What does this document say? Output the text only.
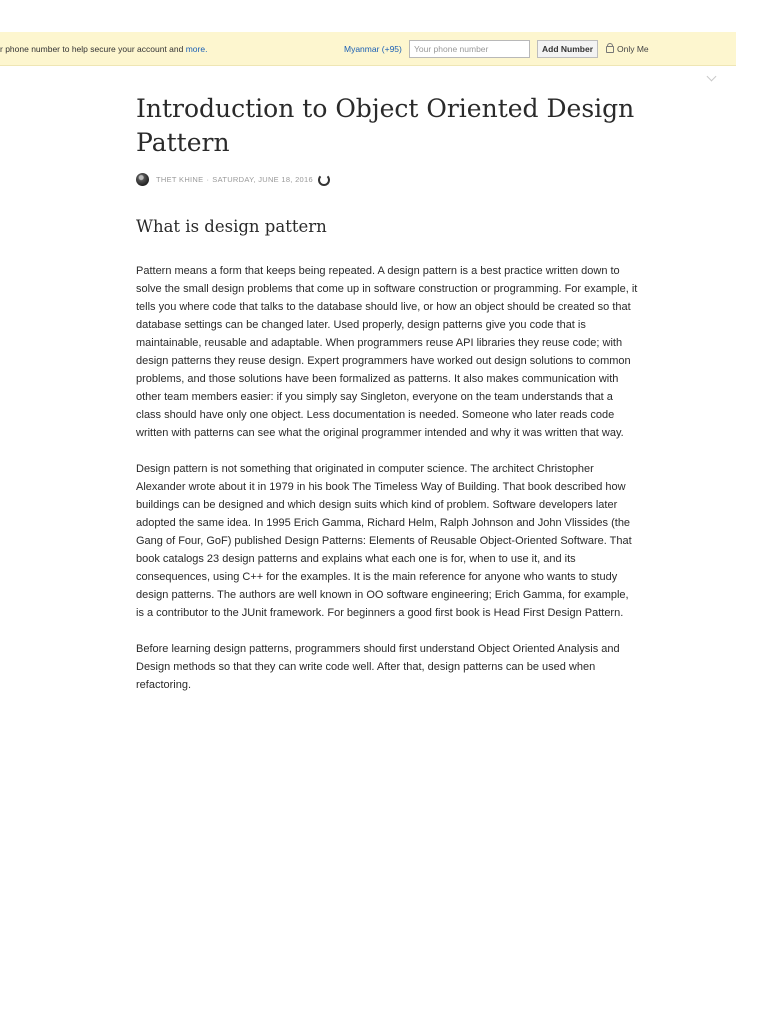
r phone number to help secure your account and more.	Myanmar (+95)
Your phone number	Add Number	Only Me
Introduction to Object Oriented Design Pattern
THET KHINE · SATURDAY, JUNE 18, 2016
What is design pattern

Pattern means a form that keeps being repeated. A design pattern is a best practice written down to solve the small design problems that come up in software construction or programming. For example, it tells you where code that talks to the database should live, or how an object should be created so that database settings can be changed later. Used properly, design patterns give you code that is maintainable, reusable and adaptable. When programmers reuse API libraries they reuse code; with design patterns they reuse design. Expert programmers have worked out design solutions to common problems, and those solutions have been formalized as patterns. It also makes communication with other team members easier: if you simply say Singleton, everyone on the team understands that a class should have only one object. Less documentation is needed. Someone who later reads code written with patterns can see what the original programmer intended and why it was written that way.

Design pattern is not something that originated in computer science. The architect Christopher Alexander wrote about it in 1979 in his book The Timeless Way of Building. That book described how buildings can be designed and which design suits which kind of problem. Software developers later adopted the same idea. In 1995 Erich Gamma, Richard Helm, Ralph Johnson and John Vlissides (the Gang of Four, GoF) published Design Patterns: Elements of Reusable Object-Oriented Software. That book catalogs 23 design patterns and explains what each one is for, when to use it, and its consequences, using C++ for the examples. It is the main reference for anyone who wants to study design patterns. The authors are well known in OO software engineering; Erich Gamma, for example, is a contributor to the JUnit framework. For beginners a good first book is Head First Design Pattern.

Before learning design patterns, programmers should first understand Object Oriented Analysis and Design methods so that they can write code well. After that, design patterns can be used when refactoring.
